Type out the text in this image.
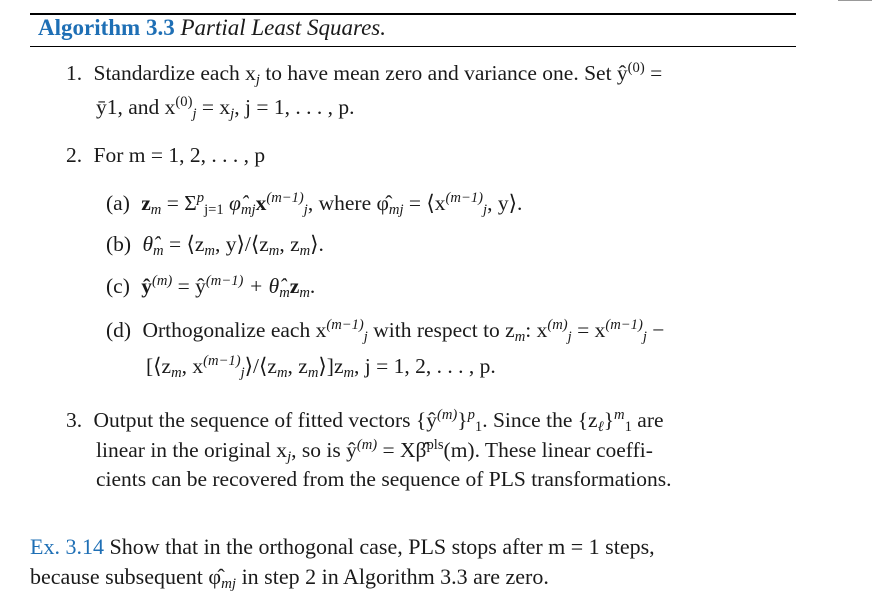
Algorithm 3.3 Partial Least Squares.
1. Standardize each $x_j$ to have mean zero and variance one. Set $ŷ^{(0)}$ =
ȳ1, and $x^{(0)}_j = x_j$, j = 1, . . . , p.
2. For m = 1, 2, . . . , p
(a) $z_m = \Sigma^p_{j=1}$ $\varphî_{mj}x^{(m-1)}_j$, where $\varphî_{mj}$ = $⟨x^{(m-1)}_j$, y⟩.
(b) $\thetâ_m$ = $⟨z_m$, $y⟩/⟨z_m$, $z_m⟩$.
(c) $ŷ^{(m)}$ = $ŷ^{(m-1)}$ + $\thetâ_mz_m$.
(d) Orthogonalize each $x^{(m-1)}_j$ with respect to $z_m$: $x^{(m)}_j = x^{(m-1)}_j$ −
[$⟨z_m$, $x^{(m-1)}_j⟩/⟨z_m$, $z_m⟩]z_m$, j = 1, 2, . . . , p.
3. Output the sequence of fitted vectors $\{ŷ^{(m)}\}^p_1$. Since the $\{z_\ell\}^m_1$ are
linear in the original $x_j$, so is $ŷ^{(m)}$ = Xβ̂$^{pls}$(m). These linear coeffi-
cients can be recovered from the sequence of PLS transformations.
Ex. 3.14 Show that in the orthogonal case, PLS stops after m = 1 steps,
because subsequent $\varphî_{mj}$ in step 2 in Algorithm 3.3 are zero.
